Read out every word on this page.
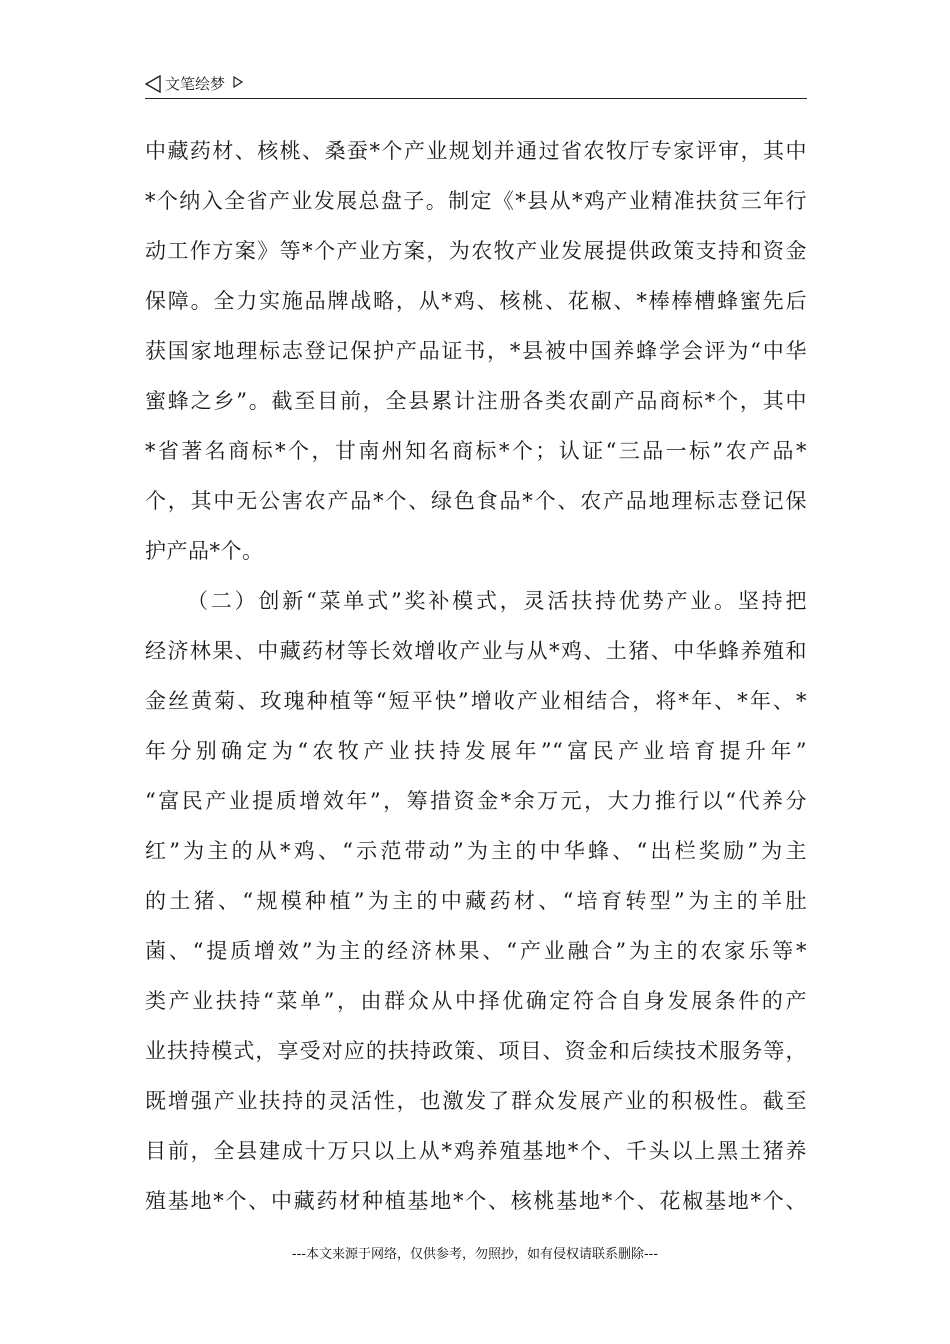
文笔绘梦
中藏药材、核桃、桑蚕*个产业规划并通过省农牧厅专家评审，其中
*个纳入全省产业发展总盘子。制定《*县从*鸡产业精准扶贫三年行
动工作方案》等*个产业方案，为农牧产业发展提供政策支持和资金
保障。全力实施品牌战略，从*鸡、核桃、花椒、*棒棒槽蜂蜜先后
获国家地理标志登记保护产品证书，*县被中国养蜂学会评为“中华
蜜蜂之乡”。截至目前，全县累计注册各类农副产品商标*个，其中
*省著名商标*个，甘南州知名商标*个；认证“三品一标”农产品*
个，其中无公害农产品*个、绿色食品*个、农产品地理标志登记保
护产品*个。
（二）创新“菜单式”奖补模式，灵活扶持优势产业。坚持把
经济林果、中藏药材等长效增收产业与从*鸡、土猪、中华蜂养殖和
金丝黄菊、玫瑰种植等“短平快”增收产业相结合，将*年、*年、*
年分别确定为“农牧产业扶持发展年”“富民产业培育提升年”
“富民产业提质增效年”，筹措资金*余万元，大力推行以“代养分
红”为主的从*鸡、“示范带动”为主的中华蜂、“出栏奖励”为主
的土猪、“规模种植”为主的中藏药材、“培育转型”为主的羊肚
菌、“提质增效”为主的经济林果、“产业融合”为主的农家乐等*
类产业扶持“菜单”，由群众从中择优确定符合自身发展条件的产
业扶持模式，享受对应的扶持政策、项目、资金和后续技术服务等，
既增强产业扶持的灵活性，也激发了群众发展产业的积极性。截至
目前，全县建成十万只以上从*鸡养殖基地*个、千头以上黑土猪养
殖基地*个、中藏药材种植基地*个、核桃基地*个、花椒基地*个、
---本文来源于网络，仅供参考，勿照抄，如有侵权请联系删除---
